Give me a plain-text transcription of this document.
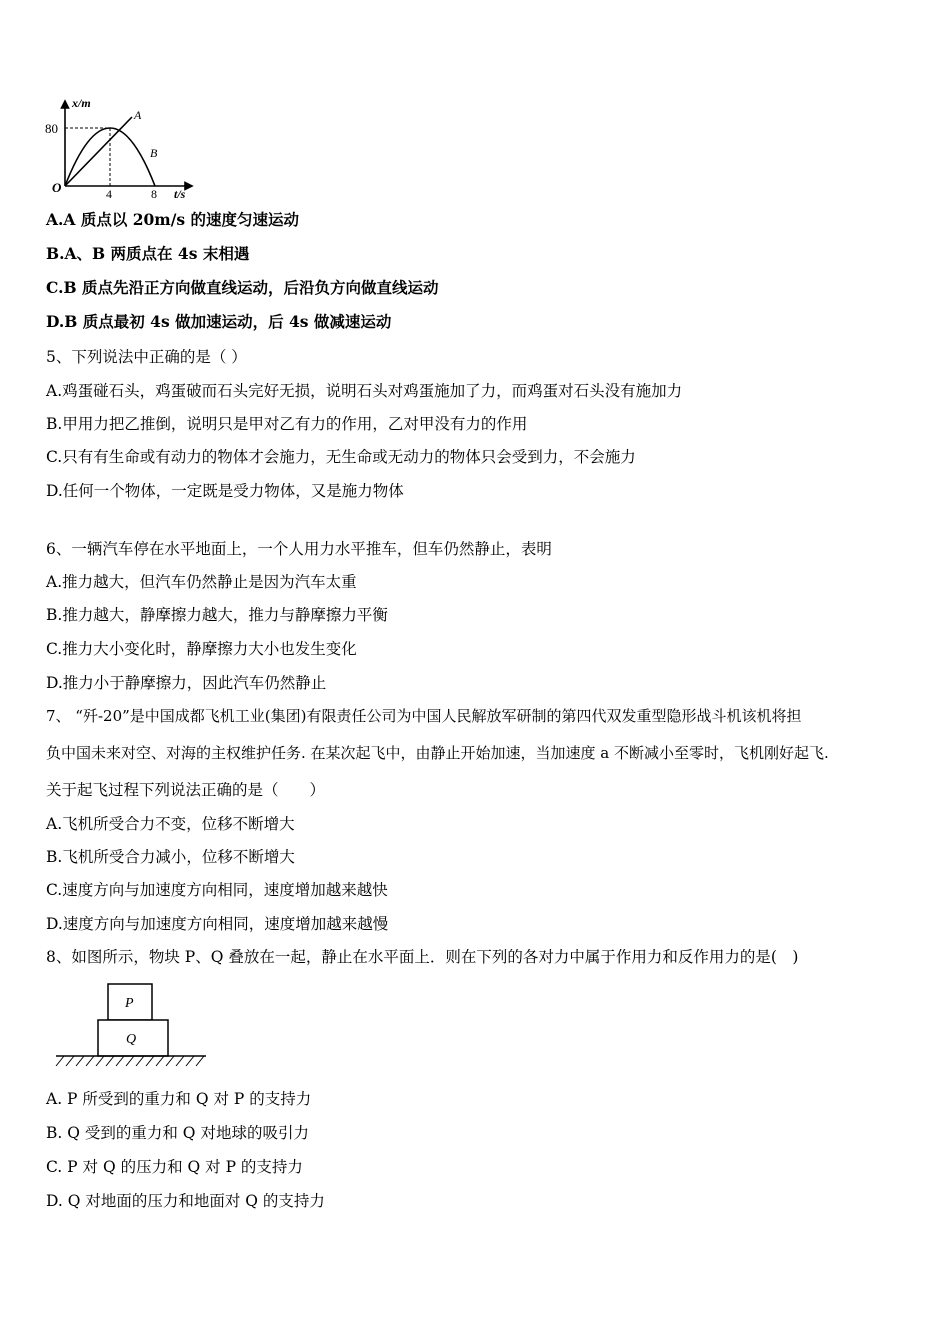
x/m
80
O	4	8 t/s
A
B
A.A 质点以 20m/s 的速度匀速运动
B.A、B 两质点在 4s 末相遇
C.B 质点先沿正方向做直线运动，后沿负方向做直线运动
D.B 质点最初 4s 做加速运动，后 4s 做减速运动
5、下列说法中正确的是（ ）
A.鸡蛋碰石头，鸡蛋破而石头完好无损，说明石头对鸡蛋施加了力，而鸡蛋对石头没有施加力
B.甲用力把乙推倒，说明只是甲对乙有力的作用，乙对甲没有力的作用
C.只有有生命或有动力的物体才会施力，无生命或无动力的物体只会受到力，不会施力
D.任何一个物体，一定既是受力物体，又是施力物体
6、一辆汽车停在水平地面上，一个人用力水平推车，但车仍然静止，表明
A.推力越大，但汽车仍然静止是因为汽车太重
B.推力越大，静摩擦力越大，推力与静摩擦力平衡
C.推力大小变化时，静摩擦力大小也发生变化
D.推力小于静摩擦力，因此汽车仍然静止
7、 “歼-20”是中国成都飞机工业(集团)有限责任公司为中国人民解放军研制的第四代双发重型隐形战斗机该机将担
负中国未来对空、对海的主权维护任务. 在某次起飞中，由静止开始加速，当加速度 a 不断减小至零时，飞机刚好起飞.
关于起飞过程下列说法正确的是（　　）
A.飞机所受合力不变，位移不断增大
B.飞机所受合力减小，位移不断增大
C.速度方向与加速度方向相同，速度增加越来越快
D.速度方向与加速度方向相同，速度增加越来越慢
8、如图所示，物块 P、Q 叠放在一起，静止在水平面上．则在下列的各对力中属于作用力和反作用力的是(　)
P
Q
A. P 所受到的重力和 Q 对 P 的支持力
B. Q 受到的重力和 Q 对地球的吸引力
C. P 对 Q 的压力和 Q 对 P 的支持力
D. Q 对地面的压力和地面对 Q 的支持力
